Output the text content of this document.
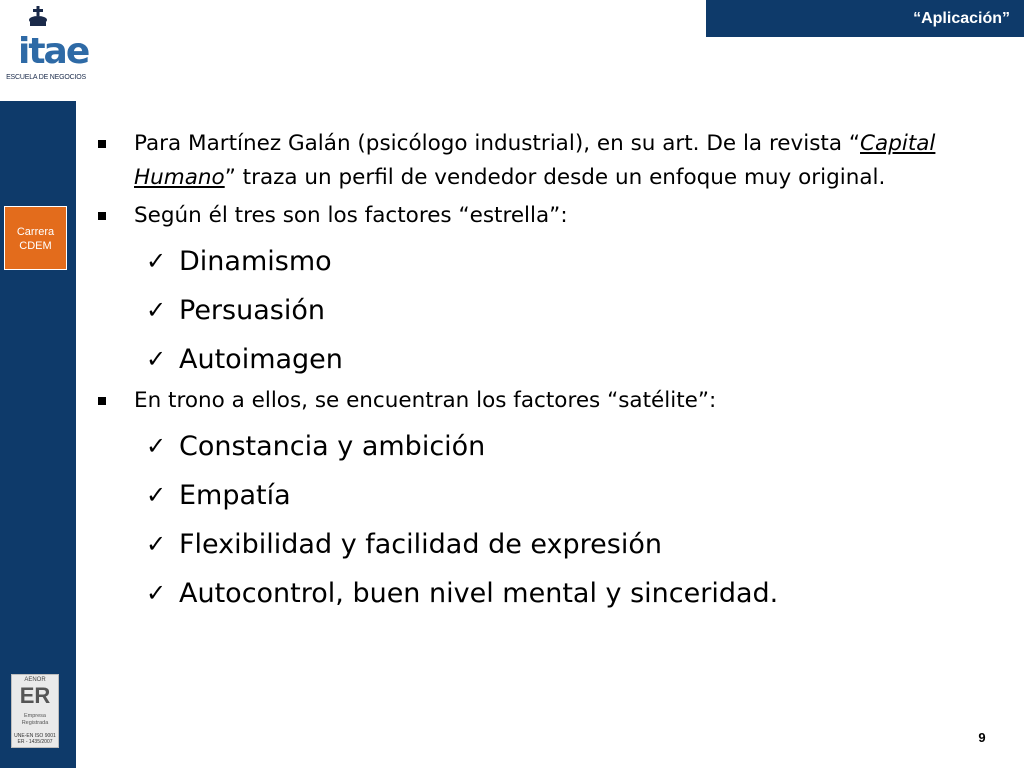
“Aplicación”
itae
ESCUELA DE NEGOCIOS
Carrera
CDEM
AENOR
ER
Empresa
Registrada
UNE-EN ISO 9001
ER - 1435/2007
Para Martínez Galán (psicólogo industrial), en su art. De la revista “Capital Humano” traza un perfil de vendedor desde un enfoque muy original.
Según él tres son los factores “estrella”:
✓ Dinamismo
✓ Persuasión
✓ Autoimagen
En trono a ellos, se encuentran los factores “satélite”:
✓ Constancia y ambición
✓ Empatía
✓ Flexibilidad y facilidad de expresión
✓ Autocontrol, buen nivel mental y sinceridad.
9
